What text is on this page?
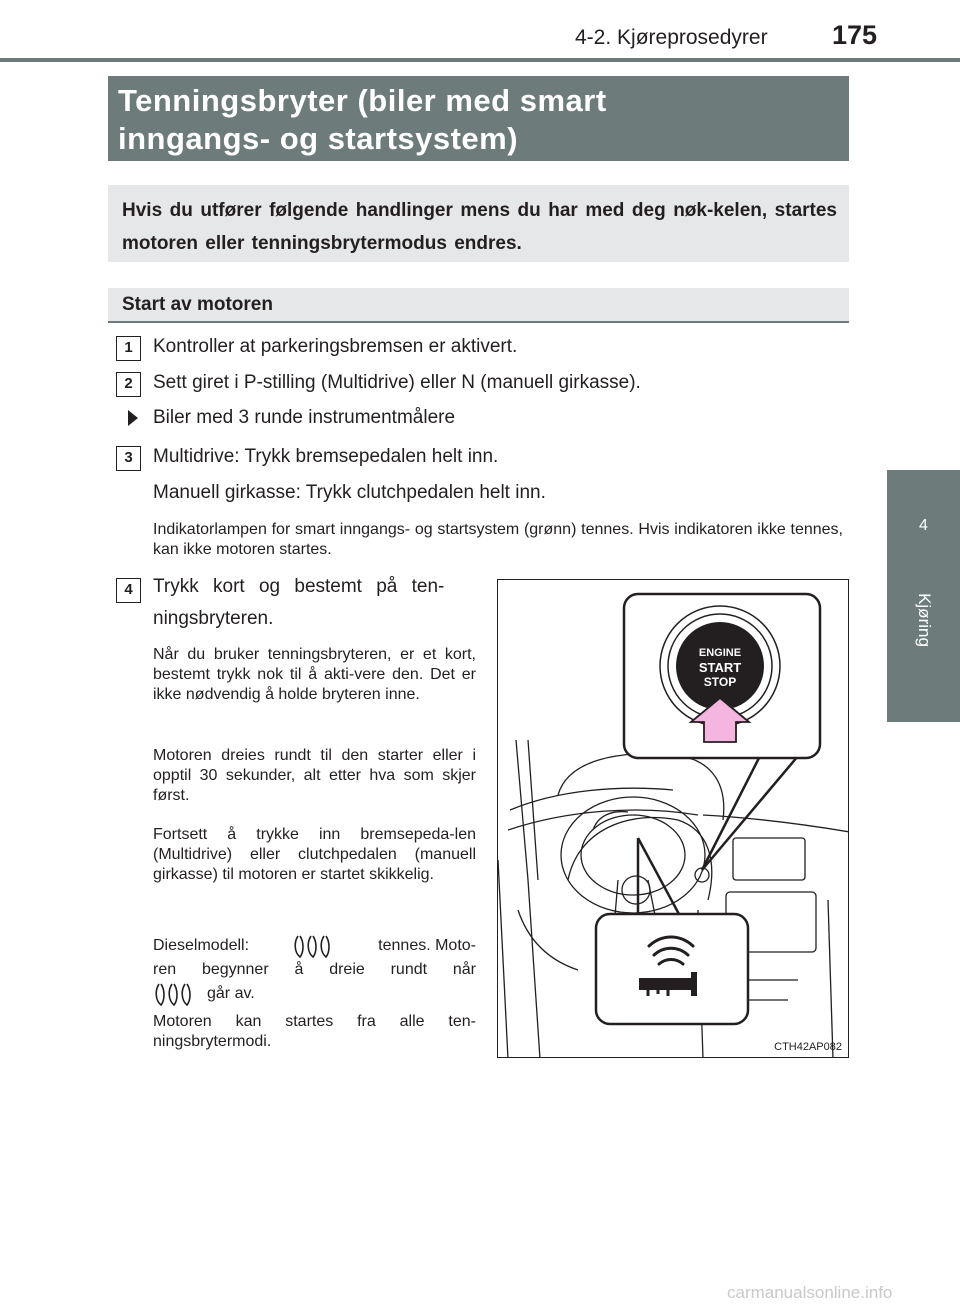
4-2. Kjøreprosedyrer 175
4
Kjøring
Tenningsbryter (biler med smart
inngangs- og startsystem)

Hvis du utfører følgende handlinger mens du har med deg nøk-kelen, startes motoren eller tenningsbrytermodus endres.

Start av motoren
1	Kontroller at parkeringsbremsen er aktivert.
2	Sett giret i P-stilling (Multidrive) eller N (manuell girkasse).
Biler med 3 runde instrumentmålere
3	Multidrive: Trykk bremsepedalen helt inn.
Manuell girkasse: Trykk clutchpedalen helt inn.
Indikatorlampen for smart inngangs- og startsystem (grønn) tennes. Hvis indikatoren ikke tennes, kan ikke motoren startes.
4	Trykk kort og bestemt på ten-
ningsbryteren.
Når du bruker tenningsbryteren, er et kort, bestemt trykk nok til å akti-vere den. Det er ikke nødvendig å holde bryteren inne.
Motoren dreies rundt til den starter eller i opptil 30 sekunder, alt etter hva som skjer først.
Fortsett å trykke inn bremsepeda-len (Multidrive) eller clutchpedalen (manuell girkasse) til motoren er startet skikkelig.
Dieselmodell:	tennes. Moto-
ren begynner å dreie rundt når
går av.
Motoren kan startes fra alle ten-ningsbrytermodi.
ENGINE
START
STOP
CTH42AP082
carmanualsonline.info
